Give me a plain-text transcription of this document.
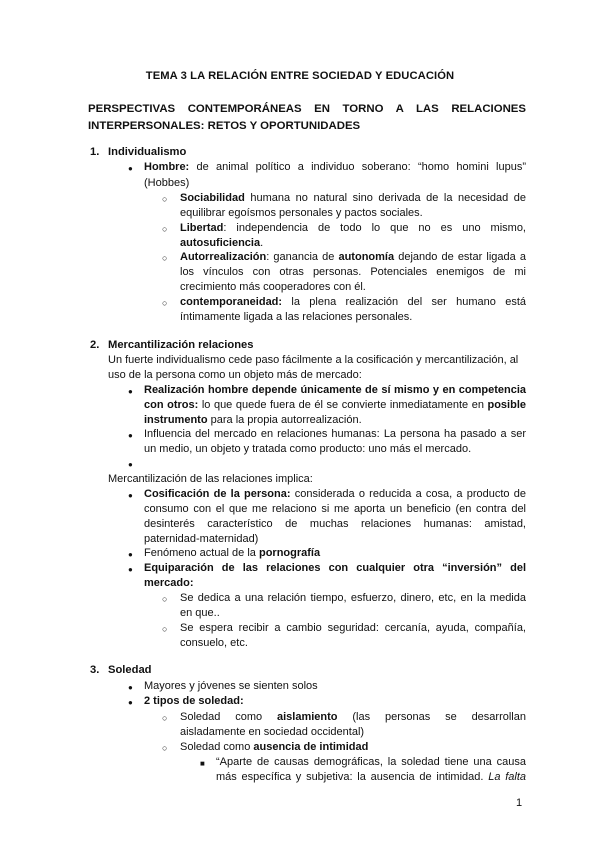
TEMA 3 LA RELACIÓN ENTRE SOCIEDAD Y EDUCACIÓN
PERSPECTIVAS CONTEMPORÁNEAS EN TORNO A LAS RELACIONES INTERPERSONALES: RETOS Y OPORTUNIDADES
1. Individualismo
● Hombre: de animal político a individuo soberano: “homo homini lupus”
(Hobbes)
○ Sociabilidad humana no natural sino derivada de la necesidad de
equilibrar egoísmos personales y pactos sociales.
○ Libertad: independencia de todo lo que no es uno mismo,
autosuficiencia.
○ Autorrealización: ganancia de autonomía dejando de estar ligada a
los vínculos con otras personas. Potenciales enemigos de mi
crecimiento más cooperadores con él.
○ contemporaneidad: la plena realización del ser humano está
íntimamente ligada a las relaciones personales.
2. Mercantilización relaciones
Un fuerte individualismo cede paso fácilmente a la cosificación y mercantilización, al
uso de la persona como un objeto más de mercado:
● Realización hombre depende únicamente de sí mismo y en competencia
con otros: lo que quede fuera de él se convierte inmediatamente en posible
instrumento para la propia autorrealización.
● Influencia del mercado en relaciones humanas: La persona ha pasado a ser
un medio, un objeto y tratada como producto: uno más el mercado.
●
Mercantilización de las relaciones implica:
● Cosificación de la persona: considerada o reducida a cosa, a producto de
consumo con el que me relaciono si me aporta un beneficio (en contra del
desinterés característico de muchas relaciones humanas: amistad,
paternidad-maternidad)
● Fenómeno actual de la pornografía
● Equiparación de las relaciones con cualquier otra “inversión” del
mercado:
○ Se dedica a una relación tiempo, esfuerzo, dinero, etc, en la medida
en que..
○ Se espera recibir a cambio seguridad: cercanía, ayuda, compañía,
consuelo, etc.
3. Soledad
● Mayores y jóvenes se sienten solos
● 2 tipos de soledad:
○ Soledad como aislamiento (las personas se desarrollan
aisladamente en sociedad occidental)
○ Soledad como ausencia de intimidad
■ “Aparte de causas demográficas, la soledad tiene una causa
más específica y subjetiva: la ausencia de intimidad. La falta
1
